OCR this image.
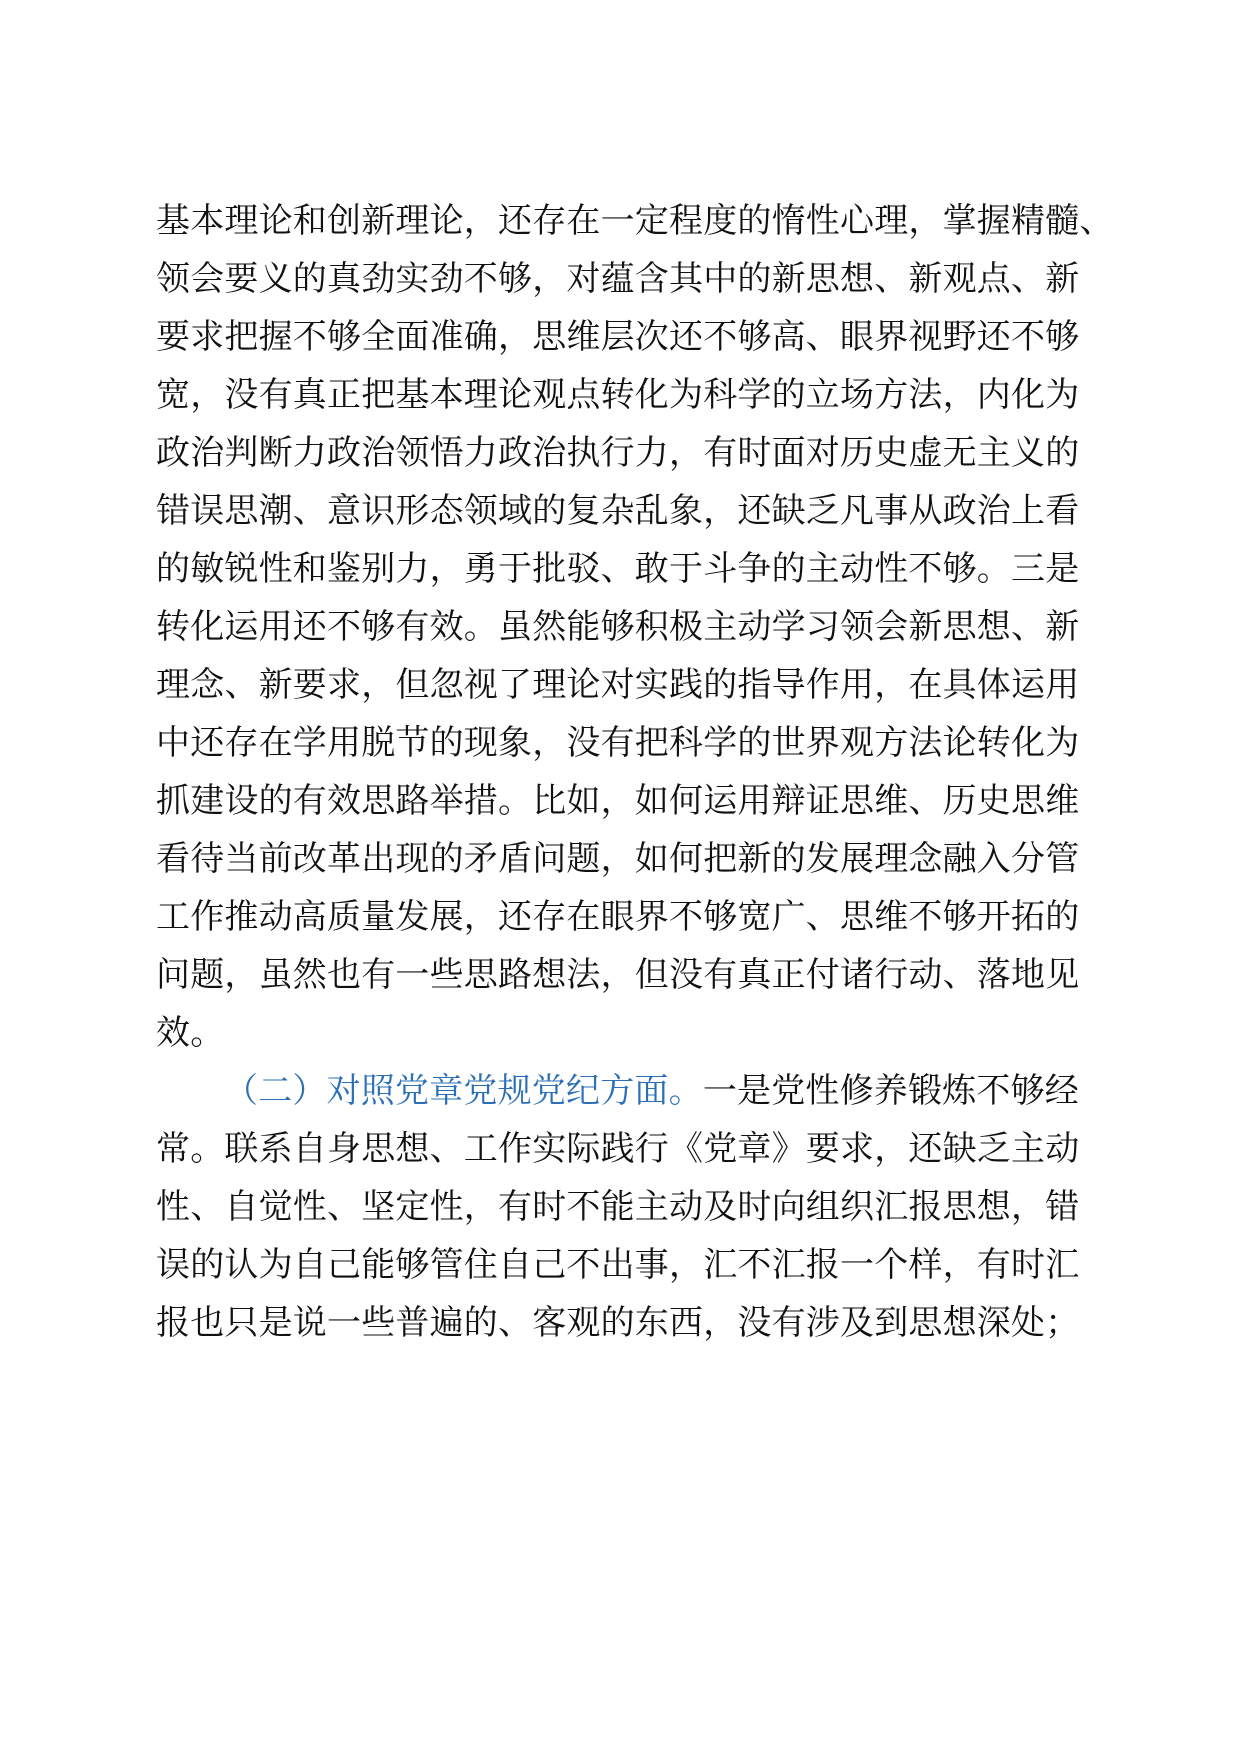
基本理论和创新理论，还存在一定程度的惰性心理，掌握精髓、
领会要义的真劲实劲不够，对蕴含其中的新思想、新观点、新
要求把握不够全面准确，思维层次还不够高、眼界视野还不够
宽，没有真正把基本理论观点转化为科学的立场方法，内化为
政治判断力政治领悟力政治执行力，有时面对历史虚无主义的
错误思潮、意识形态领域的复杂乱象，还缺乏凡事从政治上看
的敏锐性和鉴别力，勇于批驳、敢于斗争的主动性不够。三是
转化运用还不够有效。虽然能够积极主动学习领会新思想、新
理念、新要求，但忽视了理论对实践的指导作用，在具体运用
中还存在学用脱节的现象，没有把科学的世界观方法论转化为
抓建设的有效思路举措。比如，如何运用辩证思维、历史思维
看待当前改革出现的矛盾问题，如何把新的发展理念融入分管
工作推动高质量发展，还存在眼界不够宽广、思维不够开拓的
问题，虽然也有一些思路想法，但没有真正付诸行动、落地见
效。
（二）对照党章党规党纪方面。一是党性修养锻炼不够经
常。联系自身思想、工作实际践行《党章》要求，还缺乏主动
性、自觉性、坚定性，有时不能主动及时向组织汇报思想，错
误的认为自己能够管住自己不出事，汇不汇报一个样，有时汇
报也只是说一些普遍的、客观的东西，没有涉及到思想深处；
